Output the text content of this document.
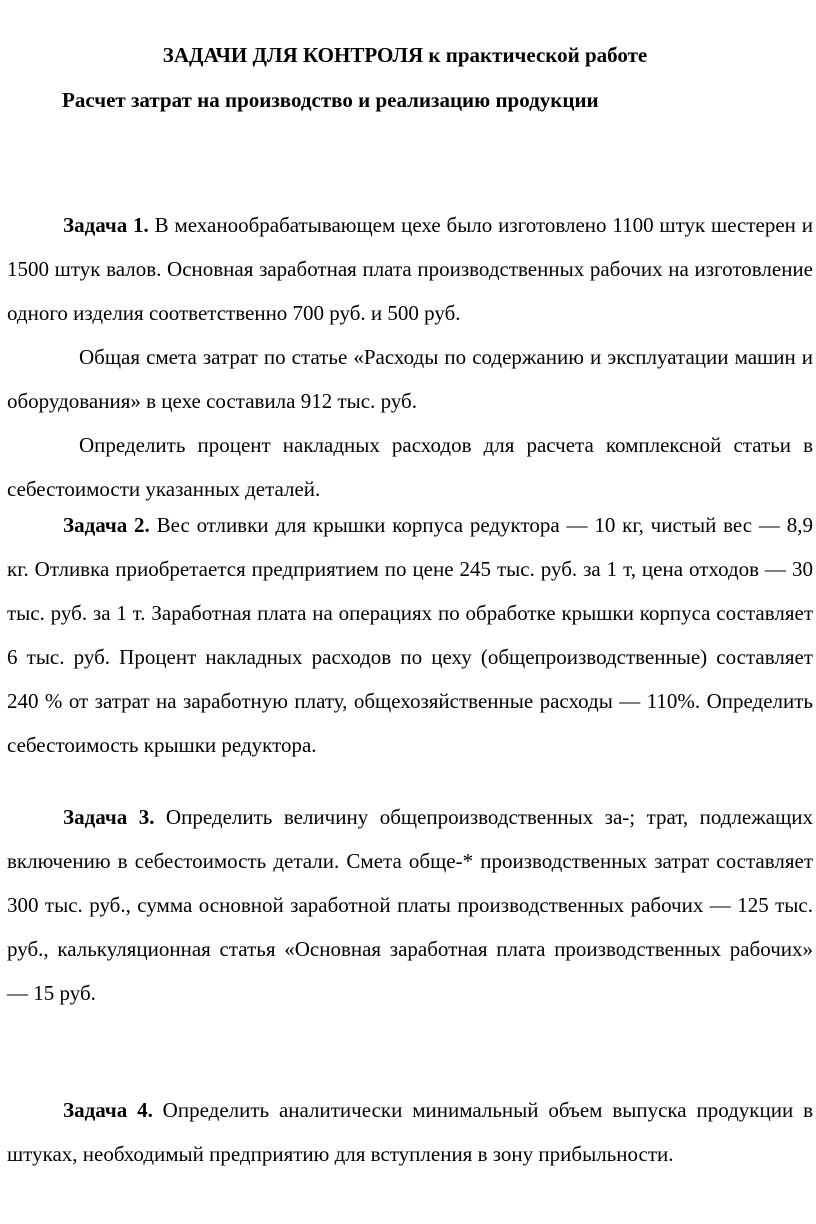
ЗАДАЧИ ДЛЯ КОНТРОЛЯ к практической работе
Расчет затрат на производство и реализацию продукции

Задача 1. В механообрабатывающем цехе было изготовлено 1100 штук шестерен и 1500 штук валов. Основная заработная плата производственных рабочих на изготовление одного изделия соответственно 700 руб. и 500 руб.

Общая смета затрат по статье «Расходы по содержанию и эксплуатации машин и оборудования» в цехе составила 912 тыс. руб.

Определить процент накладных расходов для расчета комплексной статьи в себестоимости указанных деталей.

Задача 2. Вес отливки для крышки корпуса редуктора — 10 кг, чистый вес — 8,9 кг. Отливка приобретается предприятием по цене 245 тыс. руб. за 1 т, цена отходов — 30 тыс. руб. за 1 т. Заработная плата на операциях по обработке крышки корпуса составляет 6 тыс. руб. Процент накладных расходов по цеху (общепроизводственные) составляет 240 % от затрат на заработную плату, общехозяйственные расходы — 110%. Определить себестоимость крышки редуктора.

Задача 3. Определить величину общепроизводственных за-; трат, подлежащих включению в себестоимость детали. Смета обще-* производственных затрат составляет 300 тыс. руб., сумма основной заработной платы производственных рабочих — 125 тыс. руб., калькуляционная статья «Основная заработная плата производственных рабочих» — 15 руб.

Задача 4. Определить аналитически минимальный объем выпуска продукции в штуках, необходимый предприятию для вступления в зону прибыльности.
